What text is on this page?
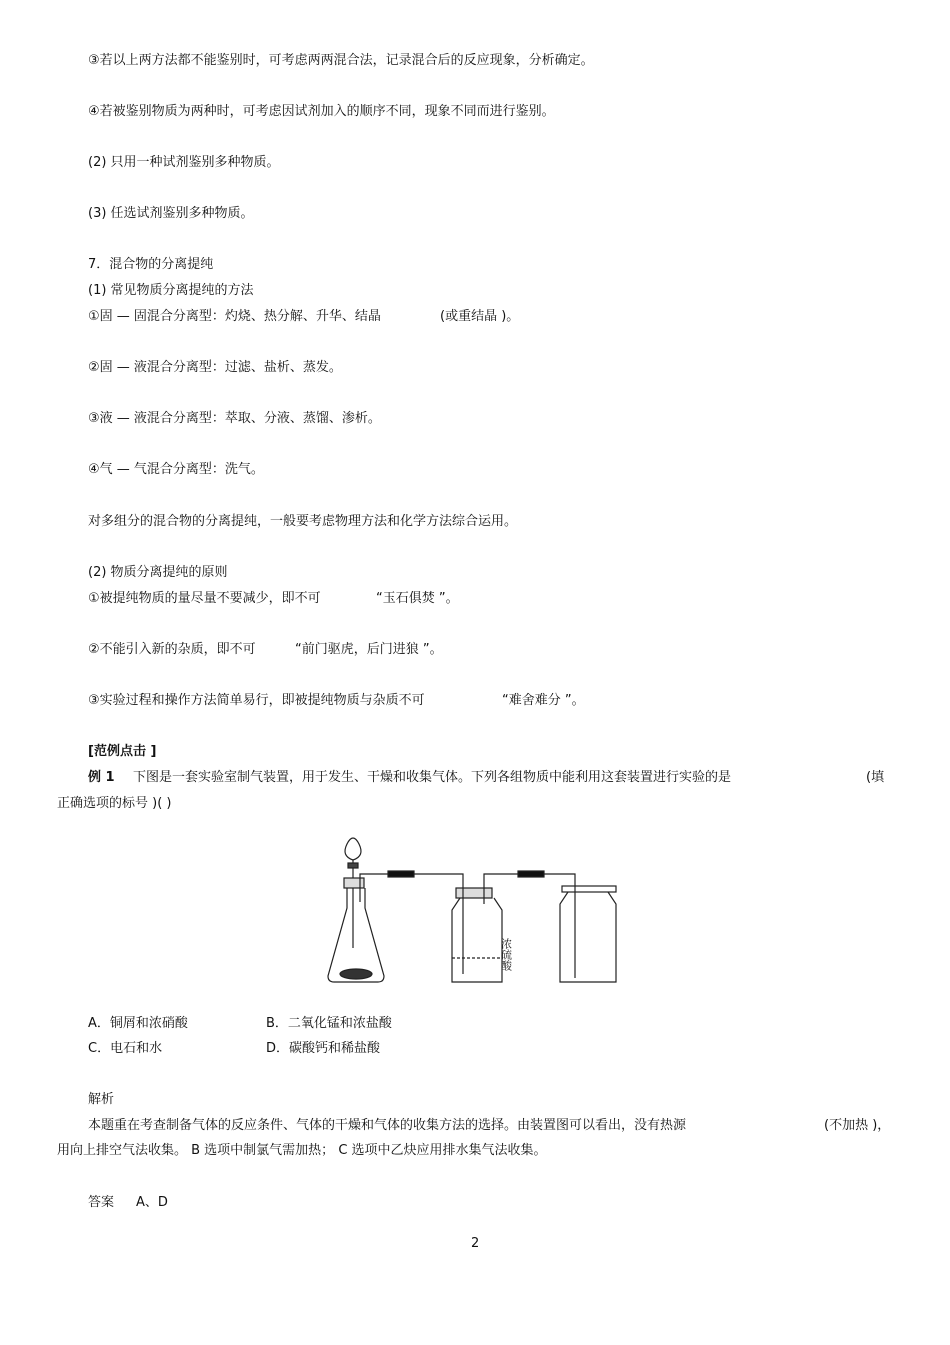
③若以上两方法都不能鉴别时，可考虑两两混合法，记录混合后的反应现象，分析确定。
④若被鉴别物质为两种时，可考虑因试剂加入的顺序不同，现象不同而进行鉴别。
(2) 只用一种试剂鉴别多种物质。
(3) 任选试剂鉴别多种物质。
7．混合物的分离提纯
(1) 常见物质分离提纯的方法
①固 — 固混合分离型：灼烧、热分解、升华、结晶	(或重结晶 )。
②固 — 液混合分离型：过滤、盐析、蒸发。
③液 — 液混合分离型：萃取、分液、蒸馏、渗析。
④气 — 气混合分离型：洗气。
对多组分的混合物的分离提纯，一般要考虑物理方法和化学方法综合运用。
(2) 物质分离提纯的原则
①被提纯物质的量尽量不要减少，即不可	“玉石俱焚 ”。
②不能引入新的杂质，即不可	“前门驱虎，后门进狼 ”。
③实验过程和操作方法简单易行，即被提纯物质与杂质不可	“难舍难分 ”。
[范例点击 ]
例 1 下图是一套实验室制气装置，用于发生、干燥和收集气体。下列各组物质中能利用这套装置进行实验的是	(填
正确选项的标号 )( )
浓硫酸
A．铜屑和浓硝酸	B．二氧化锰和浓盐酸
C．电石和水	D．碳酸钙和稀盐酸
解析
本题重在考查制备气体的反应条件、气体的干燥和气体的收集方法的选择。由装置图可以看出，没有热源	(不加热 )，
用向上排空气法收集。 B 选项中制氯气需加热； C 选项中乙炔应用排水集气法收集。
答案 A、D
2
